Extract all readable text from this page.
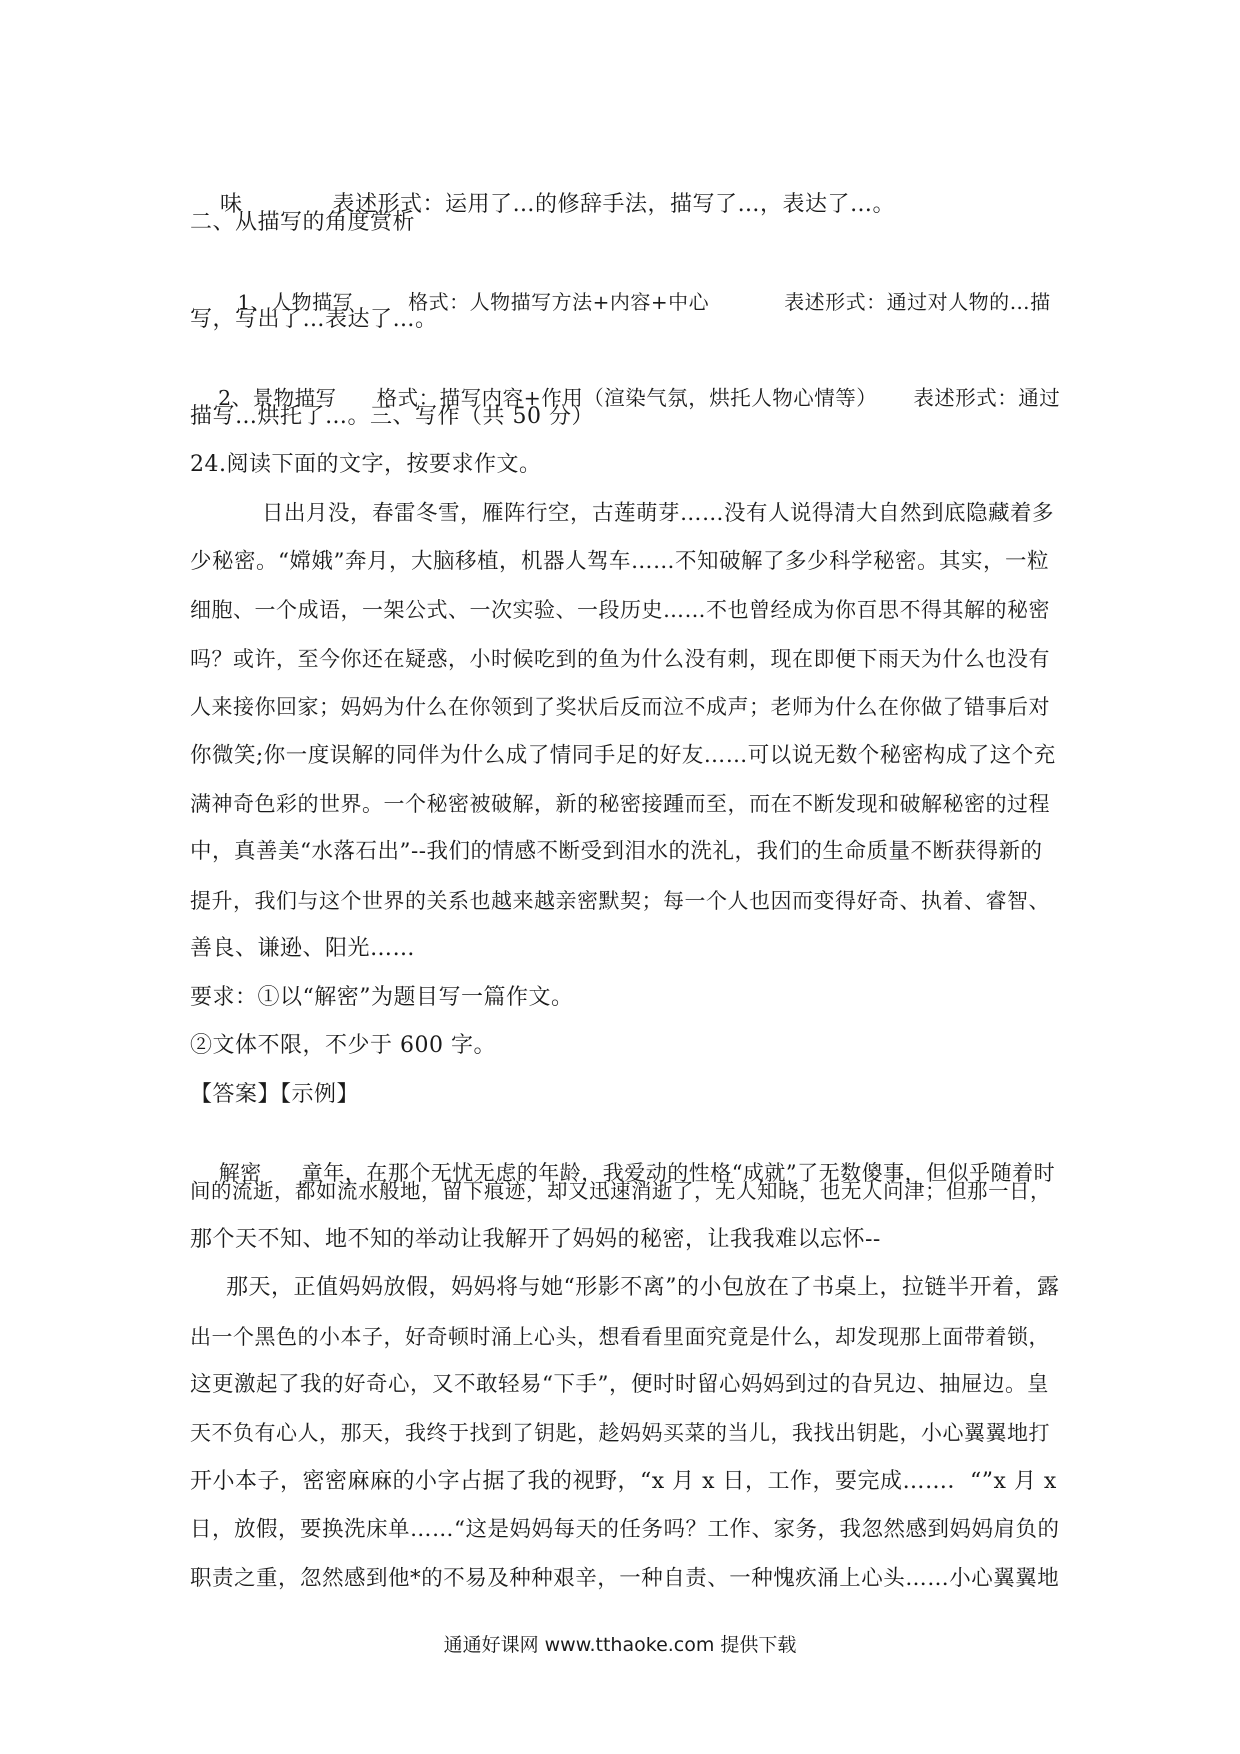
味	表述形式：运用了…的修辞手法，描写了…，表达了…。

二、从描写的角度赏析

1、人物描写	格式：人物描写方法+内容+中心	表述形式：通过对人物的…描

写，写出了…表达了…。

2、景物描写 格式：描写内容+作用（渲染气氛，烘托人物心情等） 表述形式：通过

描写…烘托了…。三、写作（共 50 分）
24.阅读下面的文字，按要求作文。
日出月没，春雷冬雪，雁阵行空，古莲萌芽……没有人说得清大自然到底隐藏着多
少秘密。“嫦娥”奔月，大脑移植，机器人驾车……不知破解了多少科学秘密。其实，一粒
细胞、一个成语，一架公式、一次实验、一段历史……不也曾经成为你百思不得其解的秘密
吗？或许，至今你还在疑惑，小时候吃到的鱼为什么没有刺，现在即便下雨天为什么也没有
人来接你回家；妈妈为什么在你领到了奖状后反而泣不成声；老师为什么在你做了错事后对
你微笑;你一度误解的同伴为什么成了情同手足的好友……可以说无数个秘密构成了这个充
满神奇色彩的世界。一个秘密被破解，新的秘密接踵而至，而在不断发现和破解秘密的过程
中，真善美“水落石出”--我们的情感不断受到泪水的洗礼，我们的生命质量不断获得新的
提升，我们与这个世界的关系也越来越亲密默契；每一个人也因而变得好奇、执着、睿智、
善良、谦逊、阳光……
要求：①以“解密”为题目写一篇作文。
②文体不限，不少于 600 字。
【答案】【示例】

解密 童年，在那个无忧无虑的年龄，我爱动的性格“成就”了无数傻事，但似乎随着时

间的流逝，都如流水般地，留下痕迹，却又迅速消逝了，无人知晓，也无人问津；但那一日，
那个天不知、地不知的举动让我解开了妈妈的秘密，让我我难以忘怀--
那天，正值妈妈放假，妈妈将与她“形影不离”的小包放在了书桌上，拉链半开着，露
出一个黑色的小本子，好奇顿时涌上心头，想看看里面究竟是什么，却发现那上面带着锁，
这更激起了我的好奇心，又不敢轻易“下手”，便时时留心妈妈到过的旮旯边、抽屉边。皇
天不负有心人，那天，我终于找到了钥匙，趁妈妈买菜的当儿，我找出钥匙，小心翼翼地打
开小本子，密密麻麻的小字占据了我的视野，“x 月 x 日，工作，要完成……．“”x 月 x
日，放假，要换洗床单……“这是妈妈每天的任务吗？工作、家务，我忽然感到妈妈肩负的
职责之重，忽然感到他*的不易及种种艰辛，一种自责、一种愧疚涌上心头……小心翼翼地
通通好课网 www.tthaoke.com 提供下载
